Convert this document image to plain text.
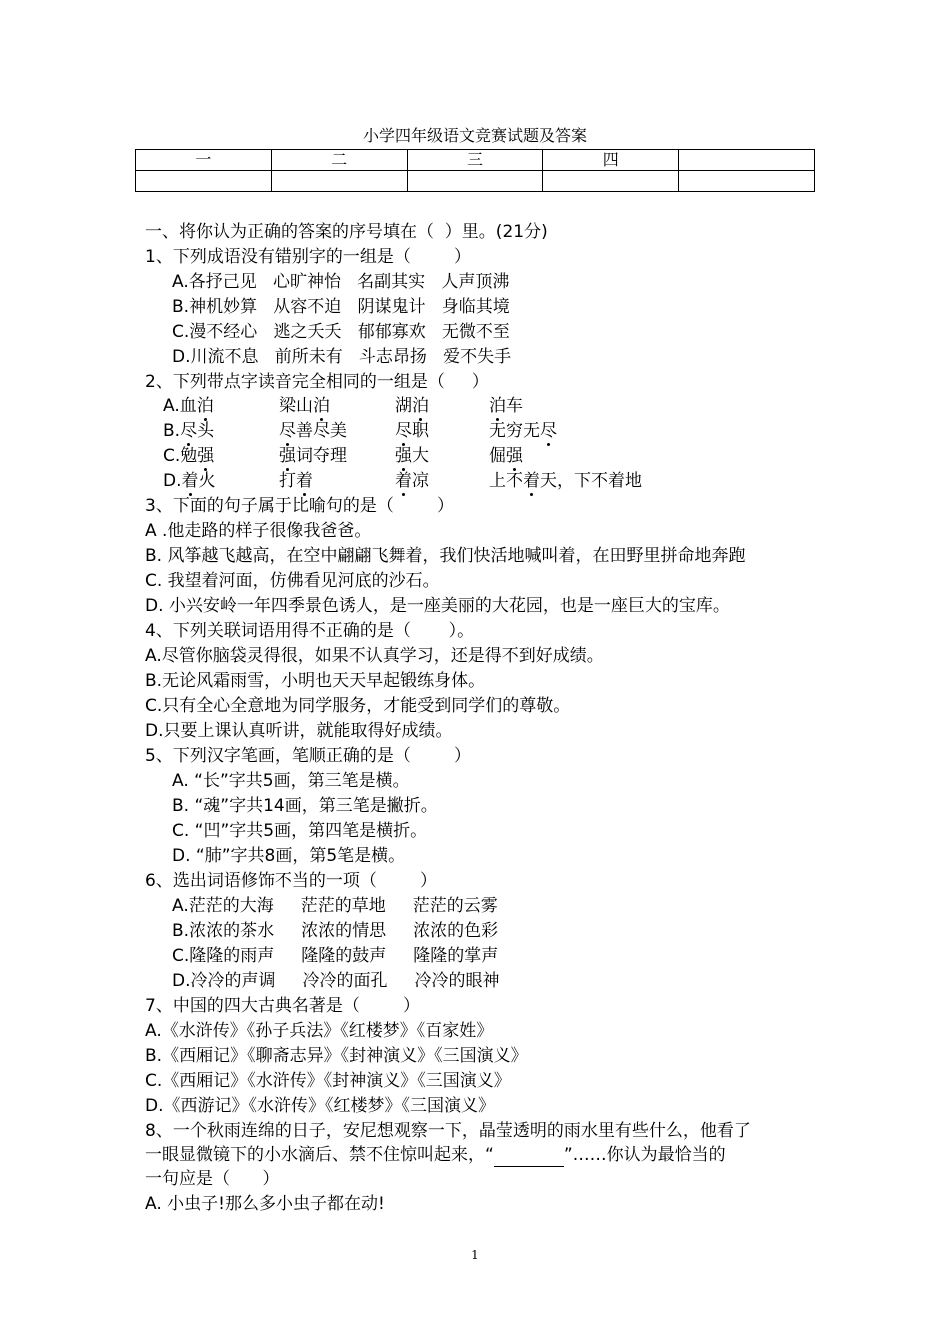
小学四年级语文竞赛试题及答案
一	二	三	四	

一、将你认为正确的答案的序号填在（  ）里。(21分)
1、下列成语没有错别字的一组是（        ）
A.各抒己见   心旷神怡   名副其实   人声顶沸
B.神机妙算   从容不迫   阴谋鬼计   身临其境
C.漫不经心   逃之夭夭   郁郁寡欢   无微不至
D.川流不息   前所未有   斗志昂扬   爱不失手
2、下列带点字读音完全相同的一组是（     ）
A.血泊	梁山泊	湖泊	泊车
B.尽头	尽善尽美	尽职	无穷无尽
C.勉强	强词夺理	强大	倔强
D.着火	打着	着凉	上不着天，下不着地
3、下面的句子属于比喻句的是（        ）
A .他走路的样子很像我爸爸。
B. 风筝越飞越高，在空中翩翩飞舞着，我们快活地喊叫着，在田野里拼命地奔跑
C. 我望着河面，仿佛看见河底的沙石。
D. 小兴安岭一年四季景色诱人，是一座美丽的大花园，也是一座巨大的宝库。
4、下列关联词语用得不正确的是（       ）。
A.尽管你脑袋灵得很，如果不认真学习，还是得不到好成绩。
B.无论风霜雨雪，小明也天天早起锻练身体。
C.只有全心全意地为同学服务，才能受到同学们的尊敬。
D.只要上课认真听讲，就能取得好成绩。
5、下列汉字笔画，笔顺正确的是（        ）
A. “长”字共5画，第三笔是横。
B. “魂”字共14画，第三笔是撇折。
C. “凹”字共5画，第四笔是横折。
D. “肺”字共8画，第5笔是横。
6、选出词语修饰不当的一项（        ）
A.茫茫的大海     茫茫的草地     茫茫的云雾
B.浓浓的茶水     浓浓的情思     浓浓的色彩
C.隆隆的雨声     隆隆的鼓声     隆隆的掌声
D.冷冷的声调     冷冷的面孔     冷冷的眼神
7、中国的四大古典名著是（        ）
A.《水浒传》《孙子兵法》《红楼梦》《百家姓》
B.《西厢记》《聊斋志异》《封神演义》《三国演义》
C.《西厢记》《水浒传》《封神演义》《三国演义》
D.《西游记》《水浒传》《红楼梦》《三国演义》
8、一个秋雨连绵的日子，安尼想观察一下，晶莹透明的雨水里有些什么，他看了
一眼显微镜下的小水滴后、禁不住惊叫起来，“	”……你认为最恰当的
一句应是（      ）
A. 小虫子!那么多小虫子都在动!
1
